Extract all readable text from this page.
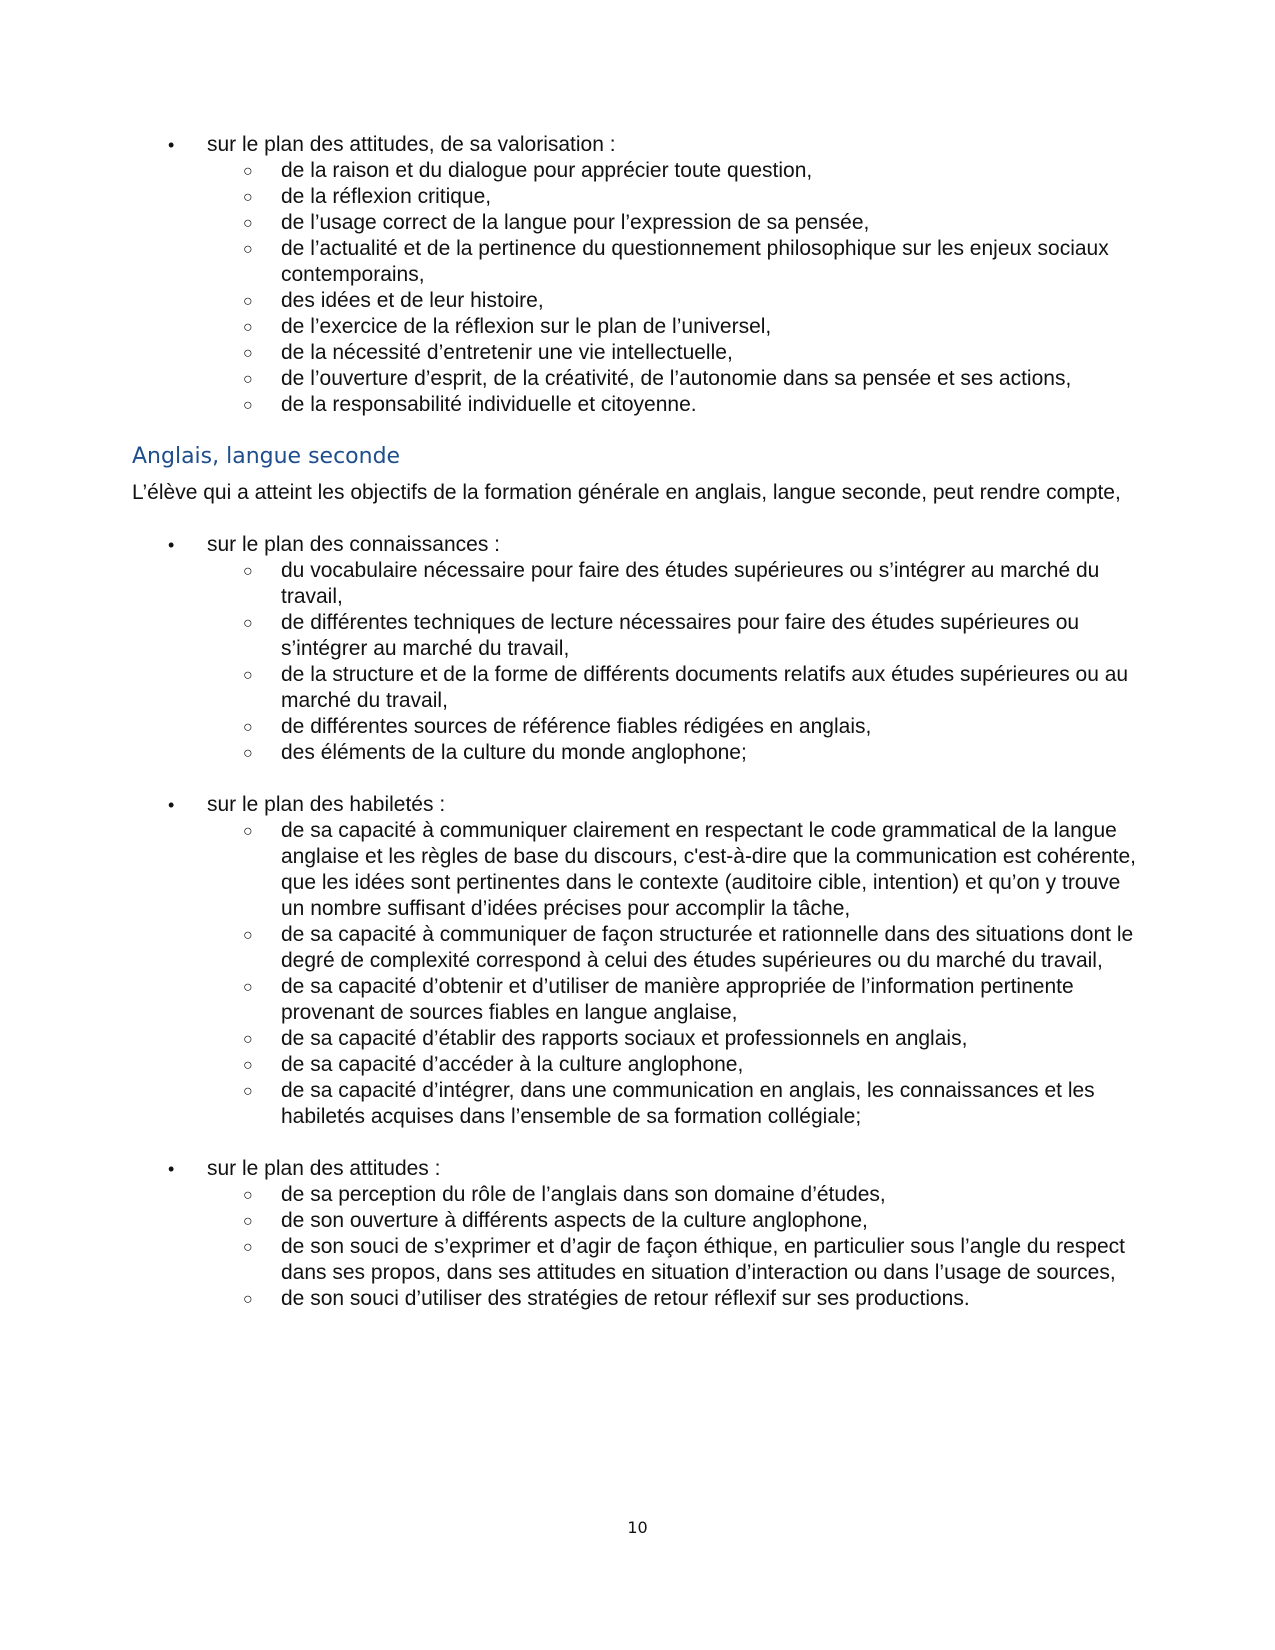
• sur le plan des attitudes, de sa valorisation :
○ de la raison et du dialogue pour apprécier toute question,
○ de la réflexion critique,
○ de l’usage correct de la langue pour l’expression de sa pensée,
○ de l’actualité et de la pertinence du questionnement philosophique sur les enjeux sociaux contemporains,
○ des idées et de leur histoire,
○ de l’exercice de la réflexion sur le plan de l’universel,
○ de la nécessité d’entretenir une vie intellectuelle,
○ de l’ouverture d’esprit, de la créativité, de l’autonomie dans sa pensée et ses actions,
○ de la responsabilité individuelle et citoyenne.
Anglais, langue seconde

L’élève qui a atteint les objectifs de la formation générale en anglais, langue seconde, peut rendre compte,

• sur le plan des connaissances :
○ du vocabulaire nécessaire pour faire des études supérieures ou s’intégrer au marché du travail,
○ de différentes techniques de lecture nécessaires pour faire des études supérieures ou s’intégrer au marché du travail,
○ de la structure et de la forme de différents documents relatifs aux études supérieures ou au marché du travail,
○ de différentes sources de référence fiables rédigées en anglais,
○ des éléments de la culture du monde anglophone;
• sur le plan des habiletés :
○ de sa capacité à communiquer clairement en respectant le code grammatical de la langue anglaise et les règles de base du discours, c'est-à-dire que la communication est cohérente, que les idées sont pertinentes dans le contexte (auditoire cible, intention) et qu’on y trouve un nombre suffisant d’idées précises pour accomplir la tâche,
○ de sa capacité à communiquer de façon structurée et rationnelle dans des situations dont le degré de complexité correspond à celui des études supérieures ou du marché du travail,
○ de sa capacité d’obtenir et d’utiliser de manière appropriée de l’information pertinente provenant de sources fiables en langue anglaise,
○ de sa capacité d’établir des rapports sociaux et professionnels en anglais,
○ de sa capacité d’accéder à la culture anglophone,
○ de sa capacité d’intégrer, dans une communication en anglais, les connaissances et les habiletés acquises dans l’ensemble de sa formation collégiale;
• sur le plan des attitudes :
○ de sa perception du rôle de l’anglais dans son domaine d’études,
○ de son ouverture à différents aspects de la culture anglophone,
○ de son souci de s’exprimer et d’agir de façon éthique, en particulier sous l’angle du respect dans ses propos, dans ses attitudes en situation d’interaction ou dans l’usage de sources,
○ de son souci d’utiliser des stratégies de retour réflexif sur ses productions.
10
